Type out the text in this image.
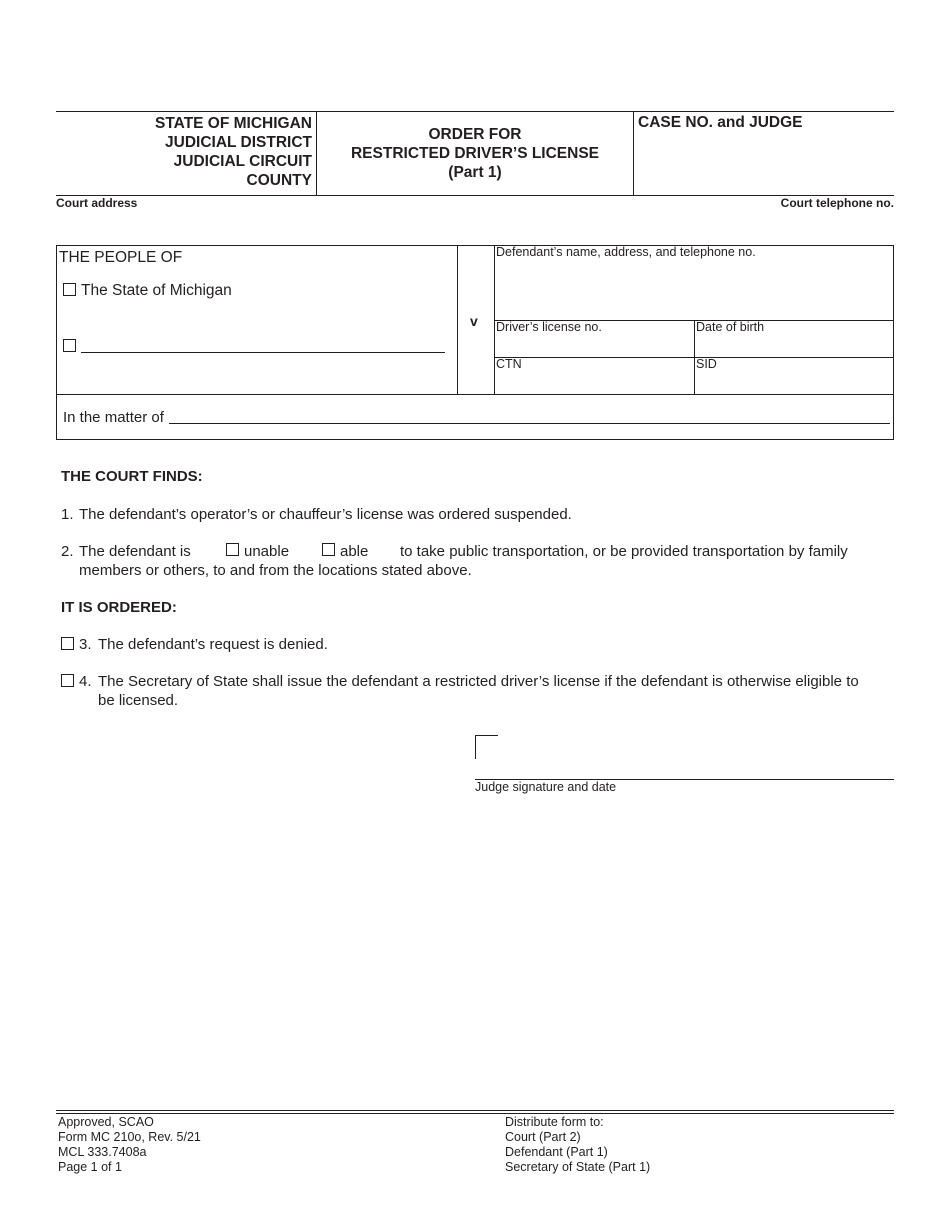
STATE OF MICHIGAN
JUDICIAL DISTRICT
JUDICIAL CIRCUIT
COUNTY
ORDER FOR
RESTRICTED DRIVER’S LICENSE
(Part 1)
CASE NO. and JUDGE
Court address	Court telephone no.
THE PEOPLE OF
The State of Michigan
v
Defendant’s name, address, and telephone no.
Driver’s license no.	Date of birth
CTN	SID
In the matter of
THE COURT FINDS:
1. The defendant’s operator’s or chauffeur’s license was ordered suspended.
2. The defendant is	unable	able to take public transportation, or be provided transportation by family
members or others, to and from the locations stated above.
IT IS ORDERED:
3. The defendant’s request is denied.
4. The Secretary of State shall issue the defendant a restricted driver’s license if the defendant is otherwise eligible to
be licensed.
Judge signature and date
Approved, SCAO
Form MC 210o, Rev. 5/21
MCL 333.7408a
Page 1 of 1
Distribute form to:
Court (Part 2)
Defendant (Part 1)
Secretary of State (Part 1)
